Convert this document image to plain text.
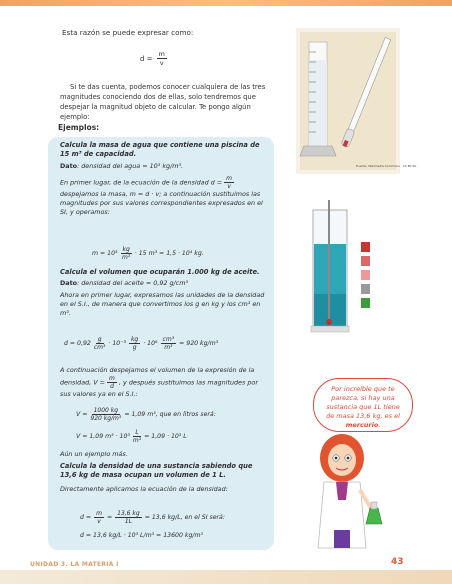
Esta razón se puede expresar como:

$d = \frac{m}{v}$

Si te das cuenta, podemos conocer cualquiera de las tres magnitudes conociendo dos de ellas, solo tendremos que despejar la magnitud objeto de calcular. Te pongo algún ejemplo:

Ejemplos:

Calcula la masa de agua que contiene una piscina de 15 m³ de capacidad.

Dato: densidad del agua = 10³ kg/m³.

En primer lugar, de la ecuación de la densidad $d = \frac{m}{v}$

despejamos la masa, m = d · v; a continuación sustituimos las magnitudes por sus valores correspondientes expresados en el SI, y operamos:

$m = 10^3 \frac{kg}{\text{m³}} \cdot 15$ m³ = 1,5 · 10⁴ kg.

Calcula el volumen que ocuparán 1.000 kg de aceite.

Dato: densidad del aceite = 0,92 g/cm³

Ahora en primer lugar, expresamos las unidades de la densidad en el S.I., de manera que convertimos los g en kg y los cm³ en m³.

$d = 0,92 \frac{g}{\text{cm³}} \cdot 10^{-3} \frac{kg}{g} \cdot 10^6 \frac{\text{cm³}}{\text{m³}} = 920$ kg/m³

A continuación despejamos el volumen de la expresión de la densidad, $V = \frac{m}{d}$ , y después sustituimos las magnitudes por sus valores ya en el S.I.:

$V = \frac{1000 kg}{\text{920 kg/m³}} = 1,09$ m³, que en litros será:
V = 1,09 $m^3 \cdot 10^3 \frac{L}{\text{m³}} = 1,09 \cdot 10^3$ L
Aún un ejemplo más.

Calcula la densidad de una sustancia sabiendo que 13,6 kg de masa ocupan un volumen de 1 L.

Directamente aplicamos la ecuación de la densidad:

$d = \frac{m}{v} = \frac{13,6 kg}{1L} = 13,6$ kg/L, en el SI será:
d = 13,6 kg/L · 10³ L/m³ = 13600 kg/m³
Fuente: Wikimedia Commons · CC BY-SA
Por increíble que te parezca, si hay una sustancia que 1L tiene de masa 13,6 kg, es el mercurio.
UNIDAD 3. LA MATERIA I	43
